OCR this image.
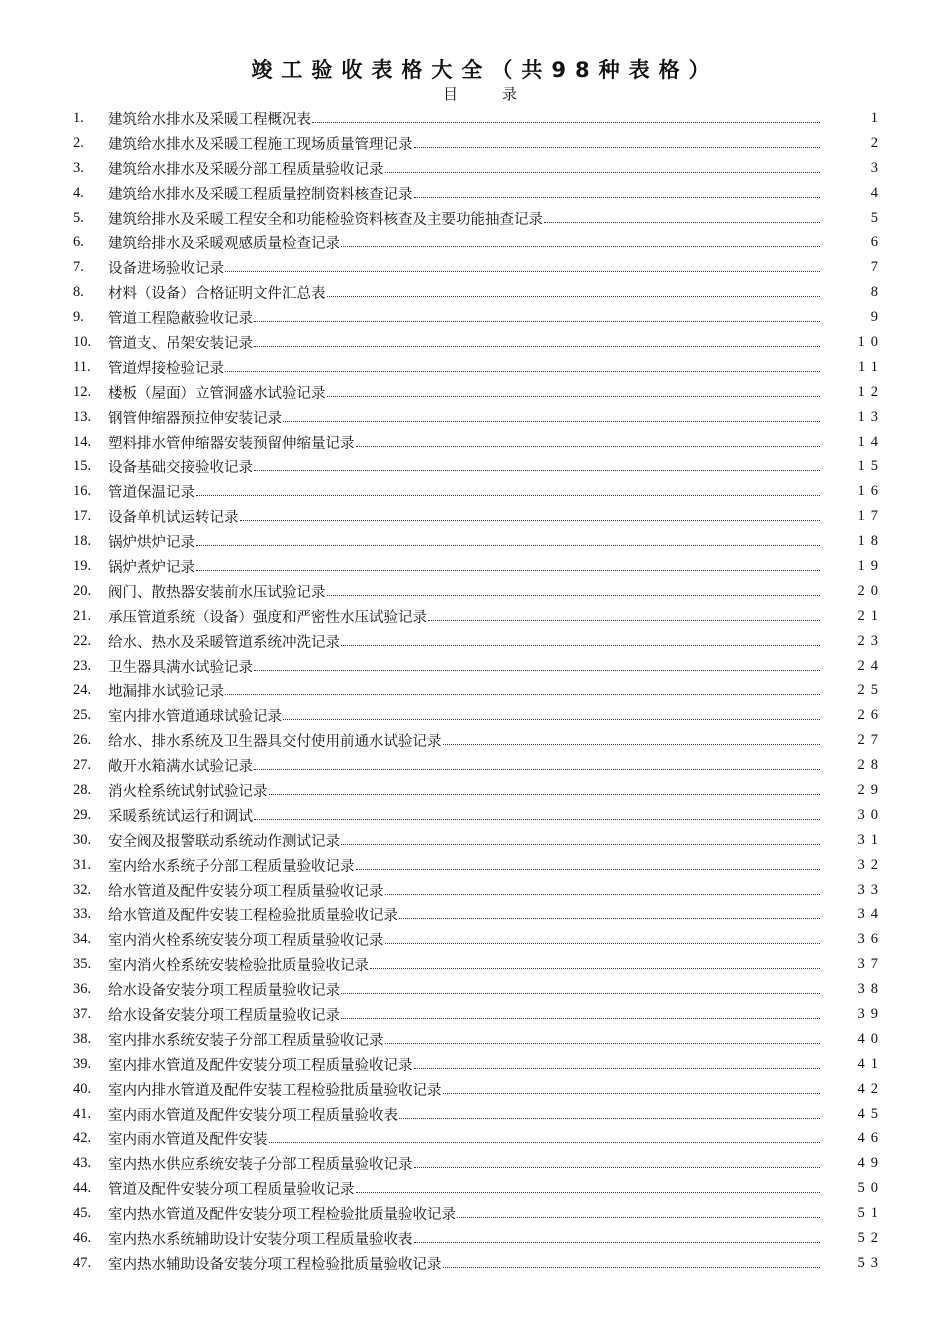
竣工验收表格大全（共98种表格）
目	录
1.	建筑给水排水及采暖工程概况表	1
2.	建筑给水排水及采暖工程施工现场质量管理记录	2
3.	建筑给水排水及采暖分部工程质量验收记录	3
4.	建筑给水排水及采暖工程质量控制资料核查记录	4
5.	建筑给排水及采暖工程安全和功能检验资料核查及主要功能抽查记录	5
6.	建筑给排水及采暖观感质量检查记录	6
7.	设备进场验收记录	7
8.	材料（设备）合格证明文件汇总表	8
9.	管道工程隐蔽验收记录	9
10.	管道支、吊架安装记录	10
11.	管道焊接检验记录	11
12.	楼板（屋面）立管洞盛水试验记录	12
13.	钢管伸缩器预拉伸安装记录	13
14.	塑料排水管伸缩器安装预留伸缩量记录	14
15.	设备基础交接验收记录	15
16.	管道保温记录	16
17.	设备单机试运转记录	17
18.	锅炉烘炉记录	18
19.	锅炉煮炉记录	19
20.	阀门、散热器安装前水压试验记录	20
21.	承压管道系统（设备）强度和严密性水压试验记录	21
22.	给水、热水及采暖管道系统冲洗记录	23
23.	卫生器具满水试验记录	24
24.	地漏排水试验记录	25
25.	室内排水管道通球试验记录	26
26.	给水、排水系统及卫生器具交付使用前通水试验记录	27
27.	敞开水箱满水试验记录	28
28.	消火栓系统试射试验记录	29
29.	采暖系统试运行和调试	30
30.	安全阀及报警联动系统动作测试记录	31
31.	室内给水系统子分部工程质量验收记录	32
32.	给水管道及配件安装分项工程质量验收记录	33
33.	给水管道及配件安装工程检验批质量验收记录	34
34.	室内消火栓系统安装分项工程质量验收记录	36
35.	室内消火栓系统安装检验批质量验收记录	37
36.	给水设备安装分项工程质量验收记录	38
37.	给水设备安装分项工程质量验收记录	39
38.	室内排水系统安装子分部工程质量验收记录	40
39.	室内排水管道及配件安装分项工程质量验收记录	41
40.	室内内排水管道及配件安装工程检验批质量验收记录	42
41.	室内雨水管道及配件安装分项工程质量验收表	45
42.	室内雨水管道及配件安装	46
43.	室内热水供应系统安装子分部工程质量验收记录	49
44.	管道及配件安装分项工程质量验收记录	50
45.	室内热水管道及配件安装分项工程检验批质量验收记录	51
46.	室内热水系统辅助设计安装分项工程质量验收表	52
47.	室内热水辅助设备安装分项工程检验批质量验收记录	53
